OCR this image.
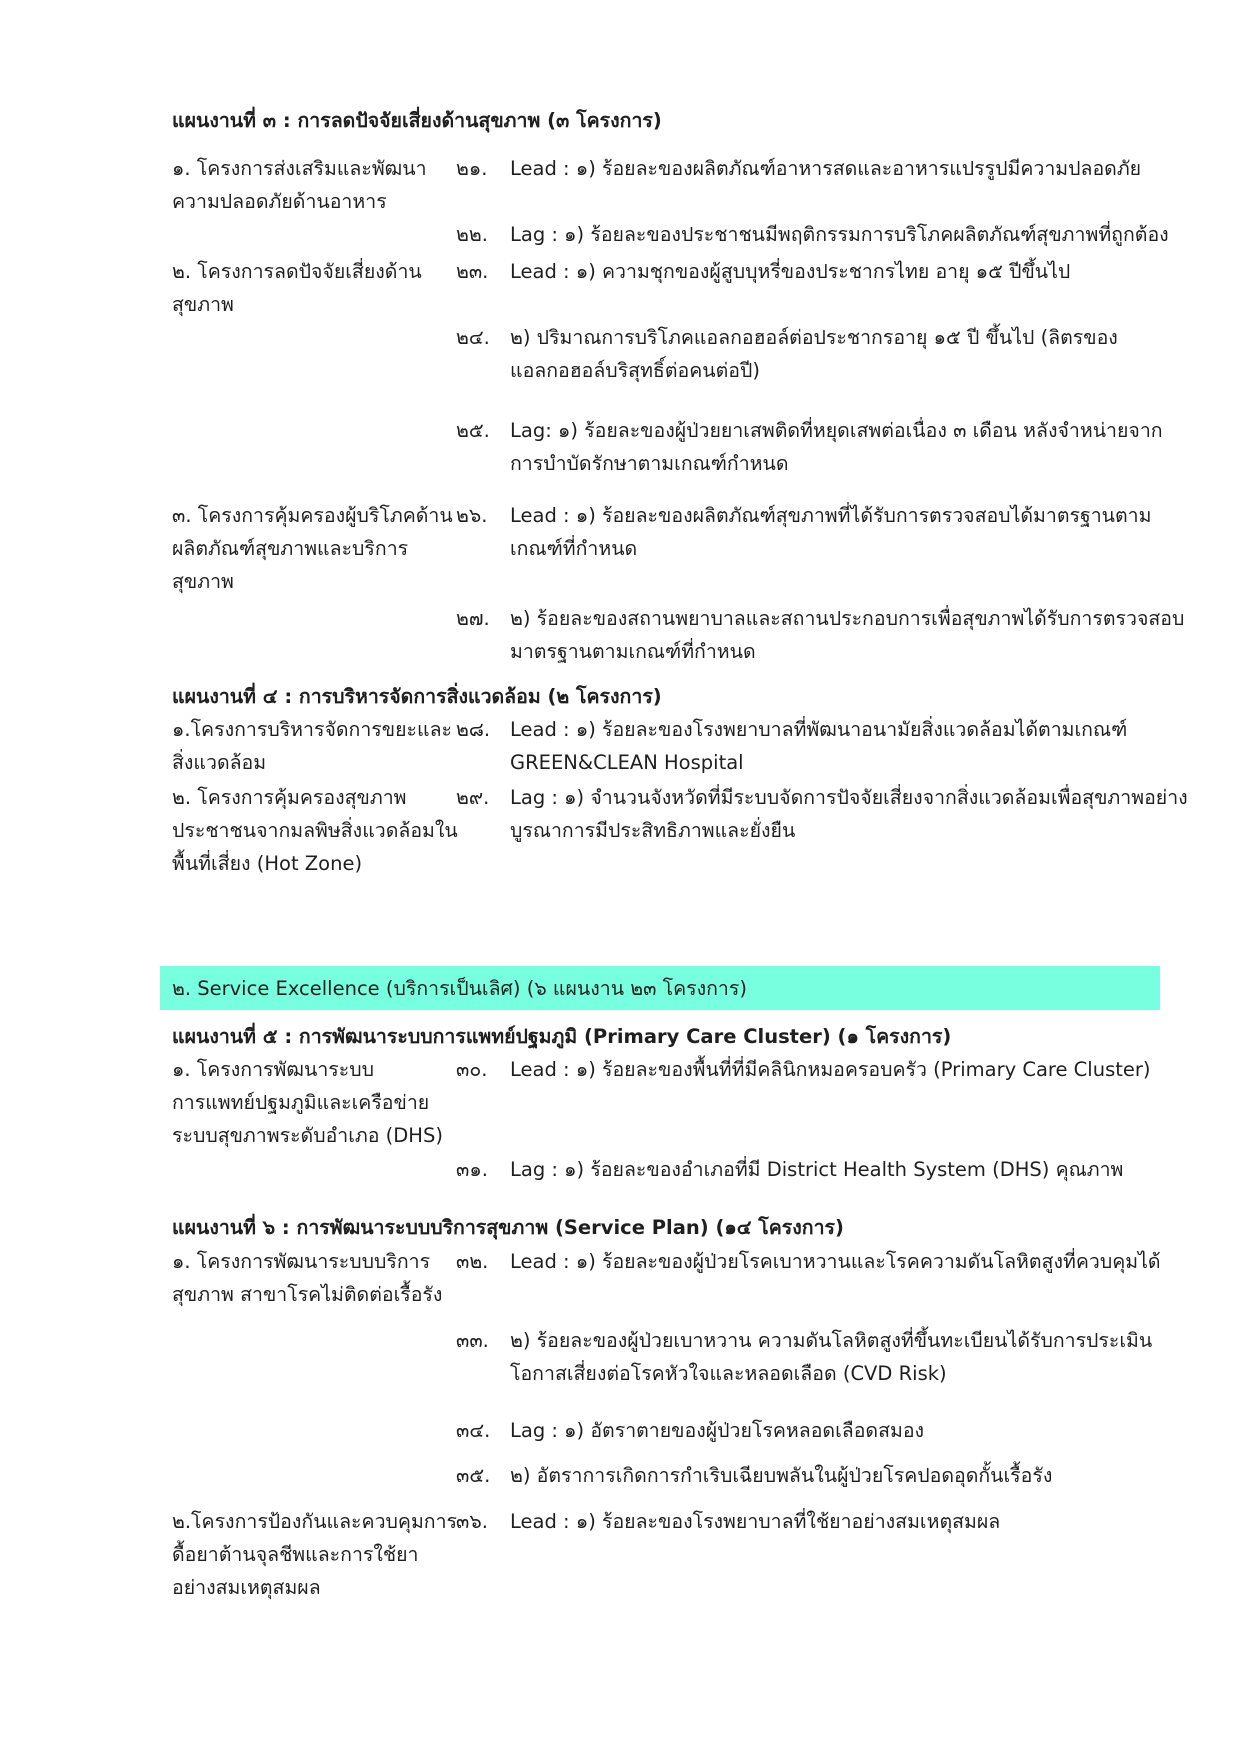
แผนงานที่ ๓ : การลดปัจจัยเสี่ยงด้านสุขภาพ (๓ โครงการ)
๑. โครงการส่งเสริมและพัฒนา
ความปลอดภัยด้านอาหาร
๒๑. Lead : ๑) ร้อยละของผลิตภัณฑ์อาหารสดและอาหารแปรรูปมีความปลอดภัย
๒๒. Lag : ๑) ร้อยละของประชาชนมีพฤติกรรมการบริโภคผลิตภัณฑ์สุขภาพที่ถูกต้อง
๒. โครงการลดปัจจัยเสี่ยงด้าน
สุขภาพ
๒๓. Lead : ๑) ความชุกของผู้สูบบุหรี่ของประชากรไทย อายุ ๑๕ ปีขึ้นไป
๒๔. ๒) ปริมาณการบริโภคแอลกอฮอล์ต่อประชากรอายุ ๑๕ ปี ขึ้นไป (ลิตรของ
แอลกอฮอล์บริสุทธิ์ต่อคนต่อปี)
๒๕. Lag: ๑) ร้อยละของผู้ป่วยยาเสพติดที่หยุดเสพต่อเนื่อง ๓ เดือน หลังจำหน่ายจาก
การบำบัดรักษาตามเกณฑ์กำหนด
๓. โครงการคุ้มครองผู้บริโภคด้าน
ผลิตภัณฑ์สุขภาพและบริการ
สุขภาพ
๒๖. Lead : ๑) ร้อยละของผลิตภัณฑ์สุขภาพที่ได้รับการตรวจสอบได้มาตรฐานตาม
เกณฑ์ที่กำหนด
๒๗. ๒) ร้อยละของสถานพยาบาลและสถานประกอบการเพื่อสุขภาพได้รับการตรวจสอบ
มาตรฐานตามเกณฑ์ที่กำหนด
แผนงานที่ ๔ : การบริหารจัดการสิ่งแวดล้อม (๒ โครงการ)
๑.โครงการบริหารจัดการขยะและ
สิ่งแวดล้อม
๒๘. Lead : ๑) ร้อยละของโรงพยาบาลที่พัฒนาอนามัยสิ่งแวดล้อมได้ตามเกณฑ์
GREEN&CLEAN Hospital
๒. โครงการคุ้มครองสุขภาพ
ประชาชนจากมลพิษสิ่งแวดล้อมใน
พื้นที่เสี่ยง (Hot Zone)
๒๙. Lag : ๑) จำนวนจังหวัดที่มีระบบจัดการปัจจัยเสี่ยงจากสิ่งแวดล้อมเพื่อสุขภาพอย่าง
บูรณาการมีประสิทธิภาพและยั่งยืน
๒. Service Excellence (บริการเป็นเลิศ) (๖ แผนงาน ๒๓ โครงการ)
แผนงานที่ ๕ : การพัฒนาระบบการแพทย์ปฐมภูมิ (Primary Care Cluster) (๑ โครงการ)
๑. โครงการพัฒนาระบบ
การแพทย์ปฐมภูมิและเครือข่าย
ระบบสุขภาพระดับอำเภอ (DHS)
๓๐. Lead : ๑) ร้อยละของพื้นที่ที่มีคลินิกหมอครอบครัว (Primary Care Cluster)
๓๑. Lag : ๑) ร้อยละของอำเภอที่มี District Health System (DHS) คุณภาพ
แผนงานที่ ๖ : การพัฒนาระบบบริการสุขภาพ (Service Plan) (๑๔ โครงการ)
๑. โครงการพัฒนาระบบบริการ
สุขภาพ สาขาโรคไม่ติดต่อเรื้อรัง
๓๒. Lead : ๑) ร้อยละของผู้ป่วยโรคเบาหวานและโรคความดันโลหิตสูงที่ควบคุมได้
๓๓. ๒) ร้อยละของผู้ป่วยเบาหวาน ความดันโลหิตสูงที่ขึ้นทะเบียนได้รับการประเมิน
โอกาสเสี่ยงต่อโรคหัวใจและหลอดเลือด (CVD Risk)
๓๔. Lag : ๑) อัตราตายของผู้ป่วยโรคหลอดเลือดสมอง
๓๕. ๒) อัตราการเกิดการกำเริบเฉียบพลันในผู้ป่วยโรคปอดอุดกั้นเรื้อรัง
๒.โครงการป้องกันและควบคุมการ
ดื้อยาต้านจุลชีพและการใช้ยา
อย่างสมเหตุสมผล
๓๖. Lead : ๑) ร้อยละของโรงพยาบาลที่ใช้ยาอย่างสมเหตุสมผล
